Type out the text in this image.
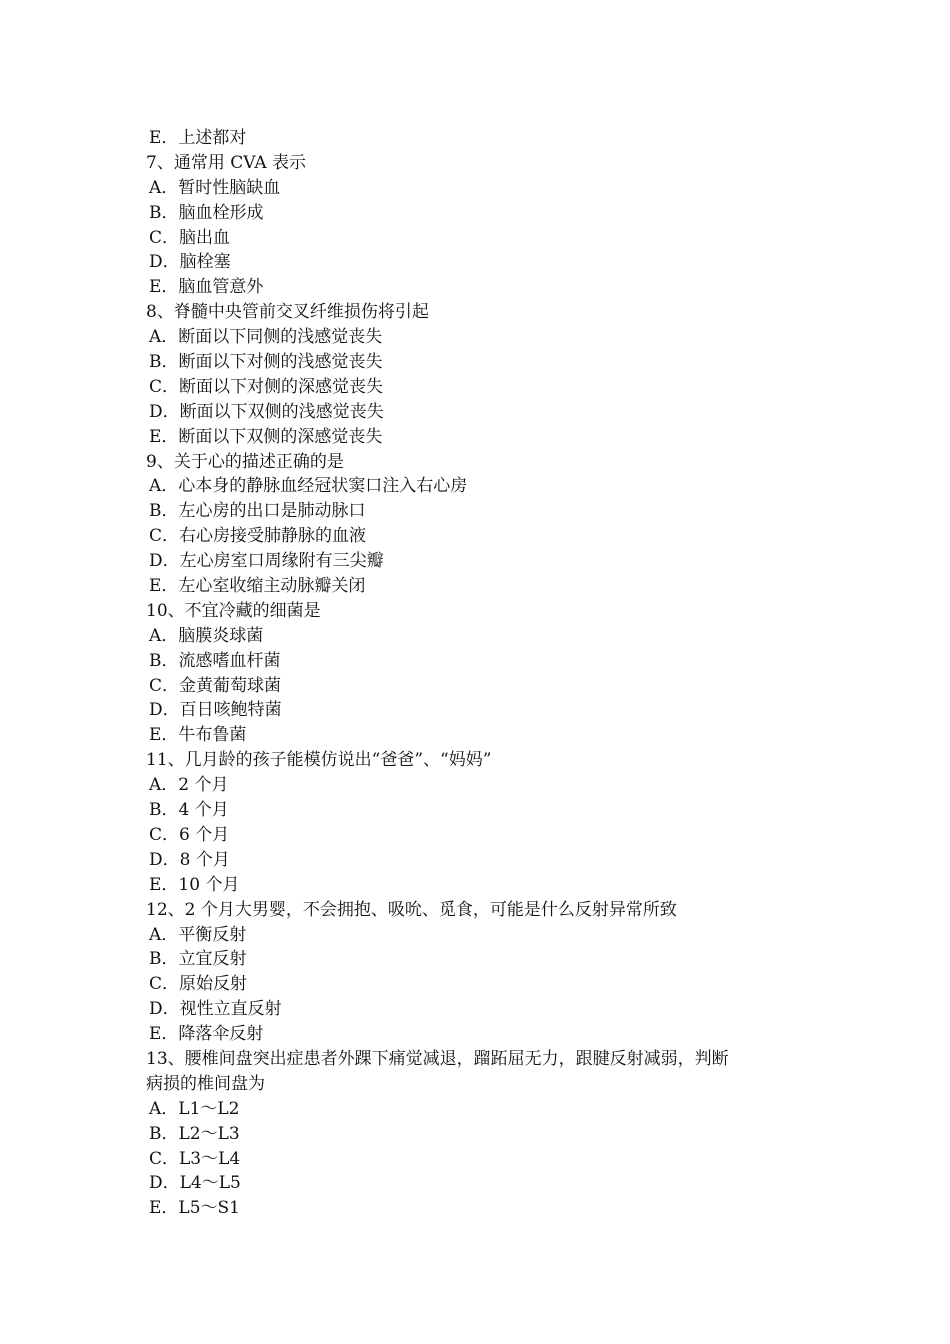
E．上述都对
7、通常用 CVA 表示
A．暂时性脑缺血
B．脑血栓形成
C．脑出血
D．脑栓塞
E．脑血管意外
8、脊髓中央管前交叉纤维损伤将引起
A．断面以下同侧的浅感觉丧失
B．断面以下对侧的浅感觉丧失
C．断面以下对侧的深感觉丧失
D．断面以下双侧的浅感觉丧失
E．断面以下双侧的深感觉丧失
9、关于心的描述正确的是
A．心本身的静脉血经冠状窦口注入右心房
B．左心房的出口是肺动脉口
C．右心房接受肺静脉的血液
D．左心房室口周缘附有三尖瓣
E．左心室收缩主动脉瓣关闭
10、不宜冷藏的细菌是
A．脑膜炎球菌
B．流感嗜血杆菌
C．金黄葡萄球菌
D．百日咳鲍特菌
E．牛布鲁菌
11、几月龄的孩子能模仿说出“爸爸”、“妈妈”
A．2 个月
B．4 个月
C．6 个月
D．8 个月
E．10 个月
12、2 个月大男婴，不会拥抱、吸吮、觅食，可能是什么反射异常所致
A．平衡反射
B．立宜反射
C．原始反射
D．视性立直反射
E．降落伞反射
13、腰椎间盘突出症患者外踝下痛觉减退，蹓跖屈无力，跟腱反射减弱，判断
病损的椎间盘为
A．L1～L2
B．L2～L3
C．L3～L4
D．L4～L5
E．L5～S1
